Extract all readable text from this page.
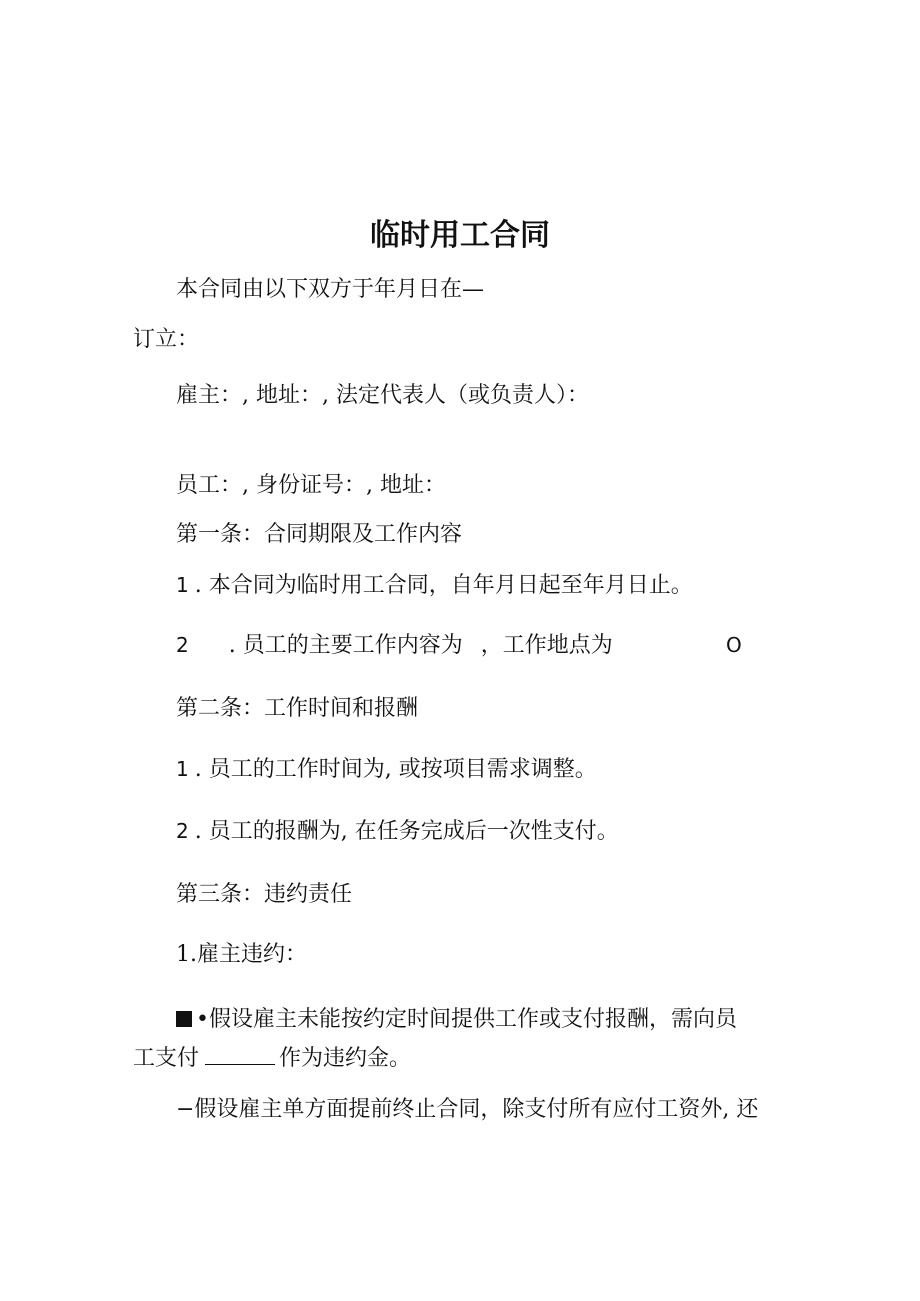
临时用工合同
本合同由以下双方于年月日在—
订立：
雇主：, 地址：, 法定代表人（或负责人）：
员工：, 身份证号：, 地址：
第一条：合同期限及工作内容
1 . 本合同为临时用工合同，自年月日起至年月日止。
2 . 员工的主要工作内容为 ，工作地点为	O
第二条：工作时间和报酬
1 . 员工的工作时间为, 或按项目需求调整。
2 . 员工的报酬为, 在任务完成后一次性支付。
第三条：违约责任
1.雇主违约：
•假设雇主未能按约定时间提供工作或支付报酬，需向员
工支付	作为违约金。
−假设雇主单方面提前终止合同，除支付所有应付工资外, 还
